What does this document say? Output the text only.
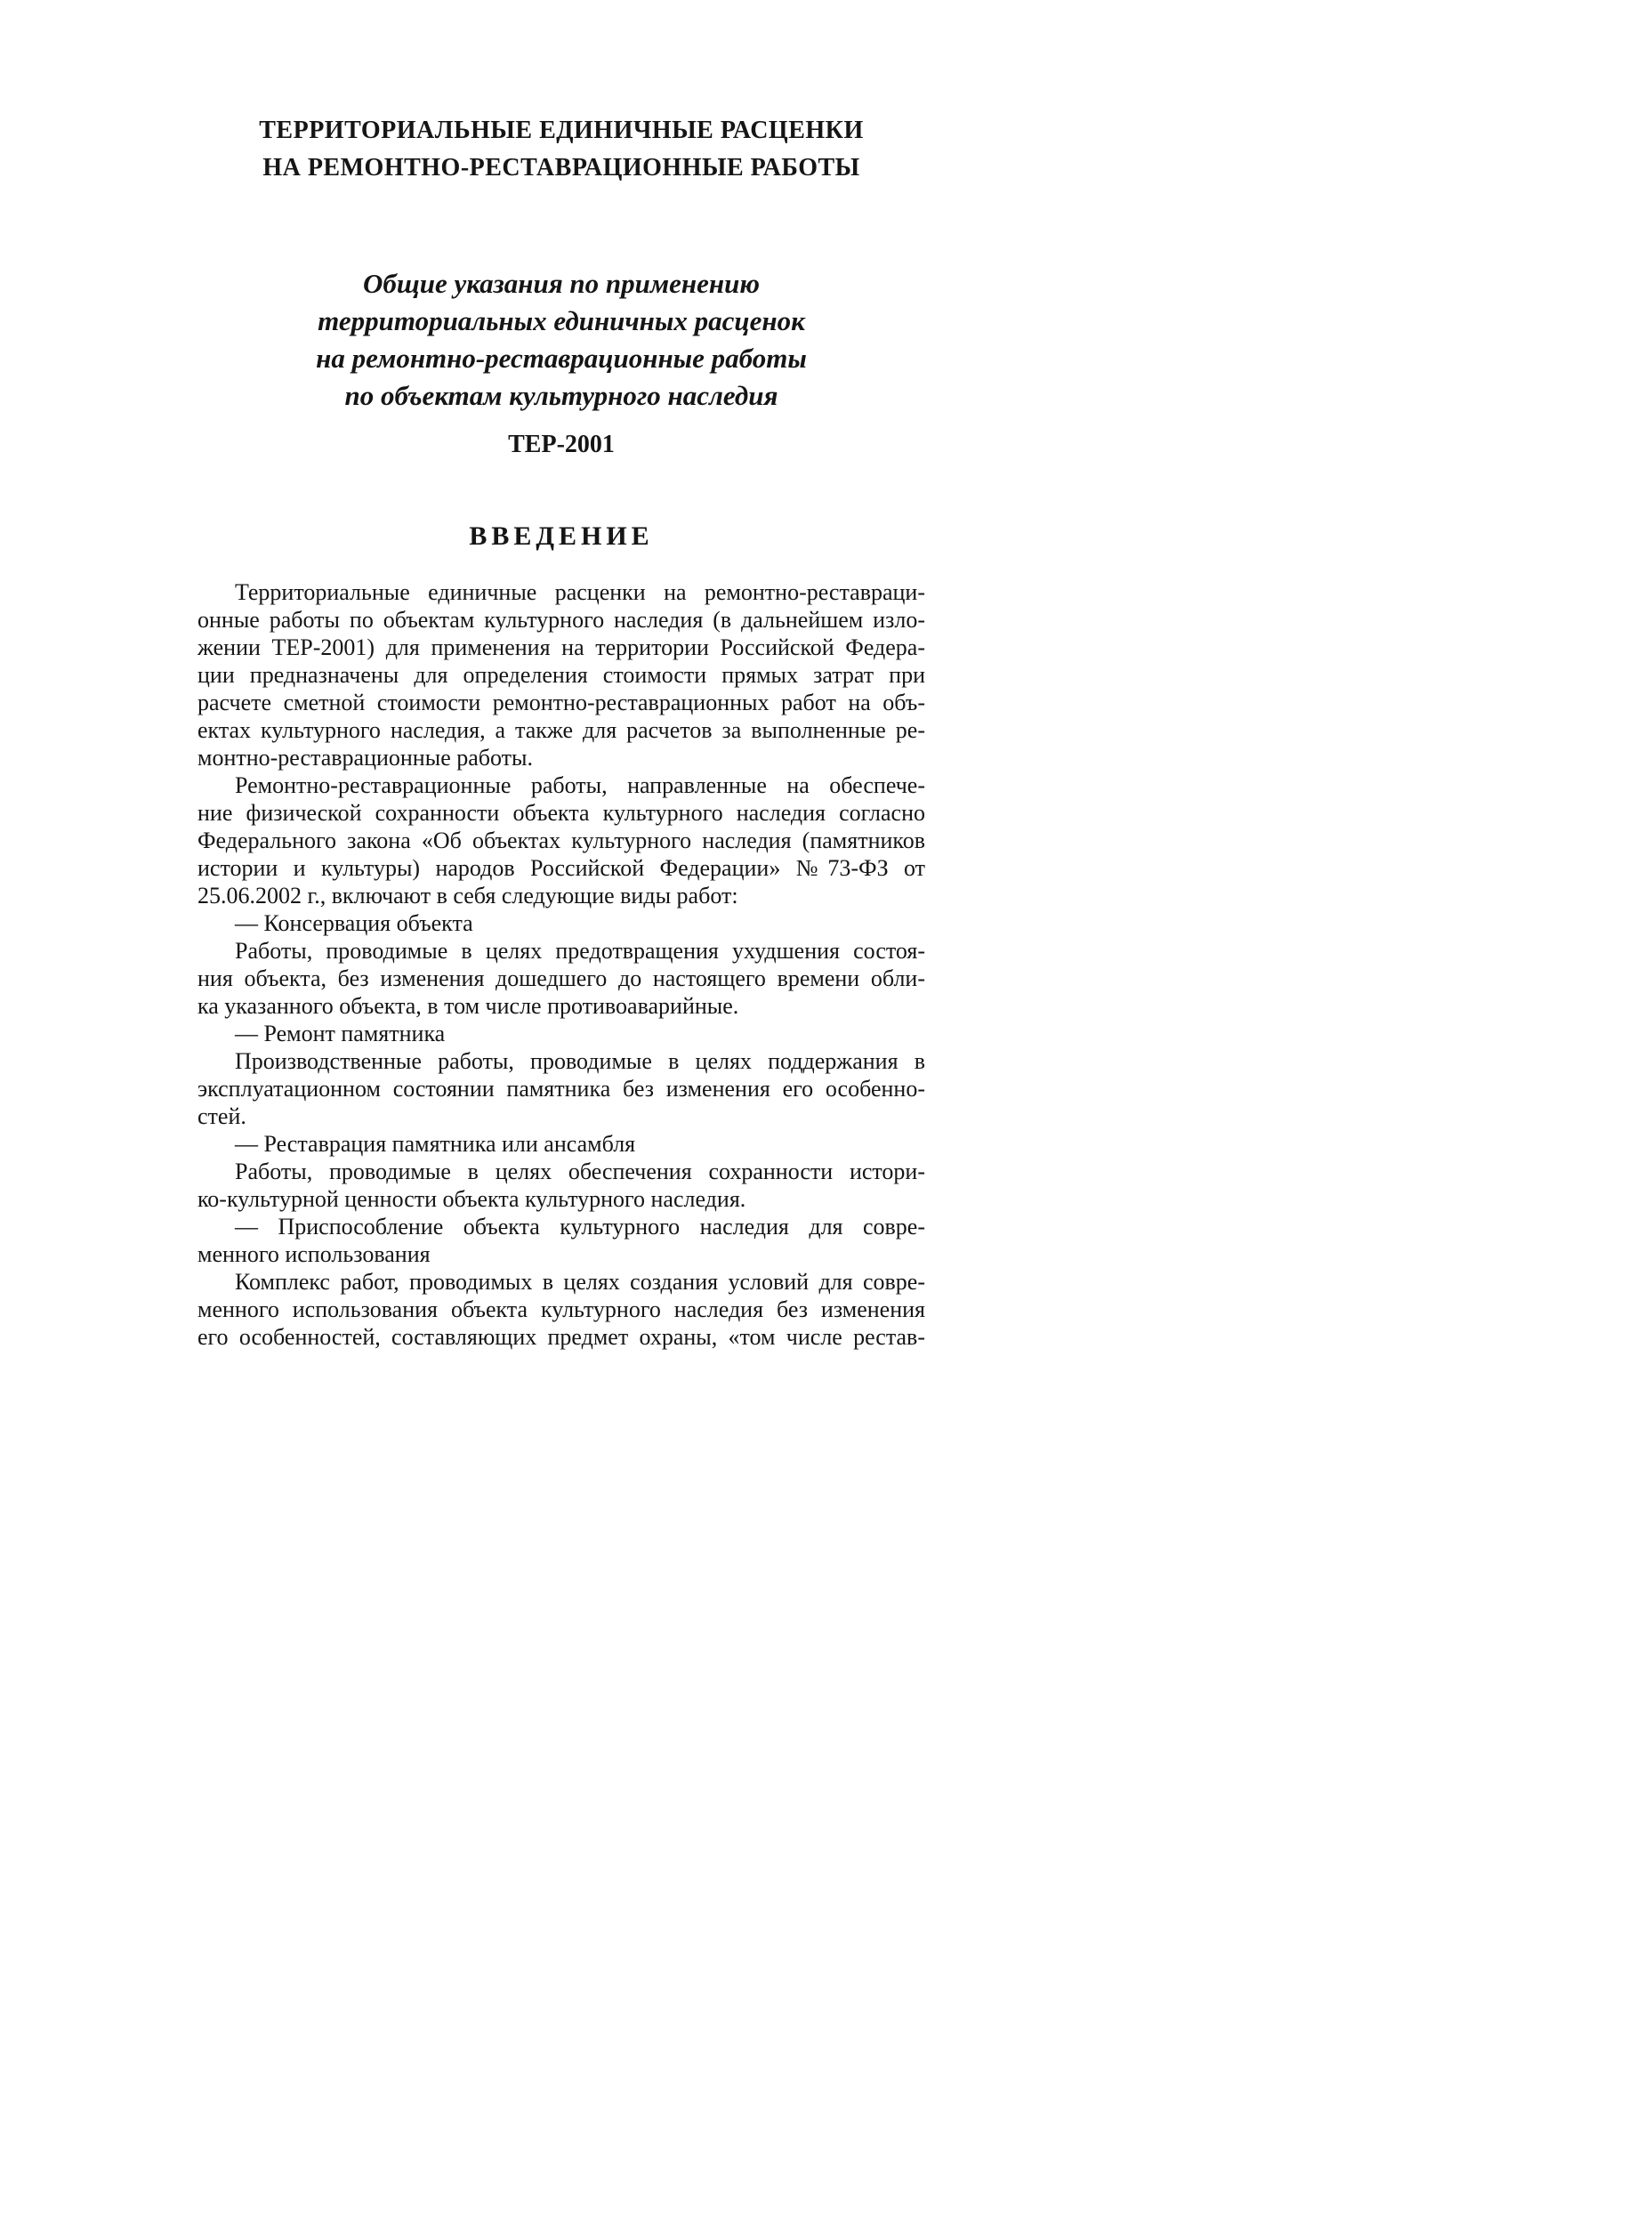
ТЕРРИТОРИАЛЬНЫЕ ЕДИНИЧНЫЕ РАСЦЕНКИ
НА РЕМОНТНО-РЕСТАВРАЦИОННЫЕ РАБОТЫ
Общие указания по применению
территориальных единичных расценок
на ремонтно-реставрационные работы
по объектам культурного наследия
ТЕР-2001
ВВЕДЕНИЕ
Территориальные единичные расценки на ремонтно-реставраци-
онные работы по объектам культурного наследия (в дальнейшем изло-
жении ТЕР-2001) для применения на территории Российской Федера-
ции предназначены для определения стоимости прямых затрат при
расчете сметной стоимости ремонтно-реставрационных работ на объ-
ектах культурного наследия, а также для расчетов за выполненные ре-
монтно-реставрационные работы.
Ремонтно-реставрационные работы, направленные на обеспече-
ние физической сохранности объекта культурного наследия согласно
Федерального закона «Об объектах культурного наследия (памятников
истории и культуры) народов Российской Федерации» №73-ФЗ от
25.06.2002 г., включают в себя следующие виды работ:
— Консервация объекта
Работы, проводимые в целях предотвращения ухудшения состоя-
ния объекта, без изменения дошедшего до настоящего времени обли-
ка указанного объекта, в том числе противоаварийные.
— Ремонт памятника
Производственные работы, проводимые в целях поддержания в
эксплуатационном состоянии памятника без изменения его особенно-
стей.
— Реставрация памятника или ансамбля
Работы, проводимые в целях обеспечения сохранности истори-
ко-культурной ценности объекта культурного наследия.
— Приспособление объекта культурного наследия для совре-
менного использования
Комплекс работ, проводимых в целях создания условий для совре-
менного использования объекта культурного наследия без изменения
его особенностей, составляющих предмет охраны, «том числе рестав-
